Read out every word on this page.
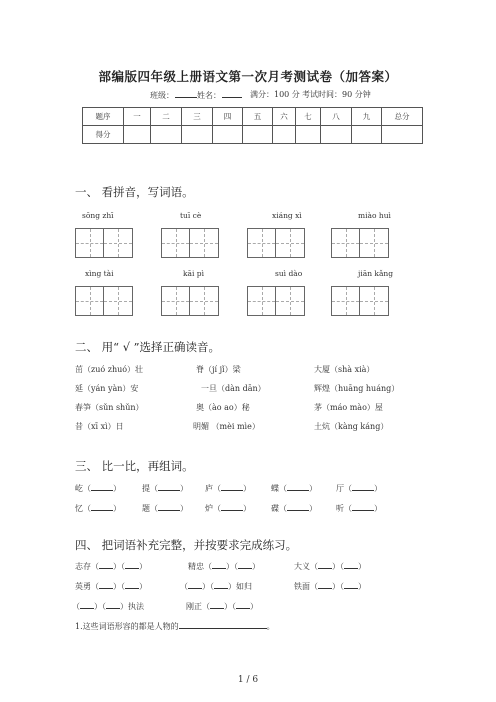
部编版四年级上册语文第一次月考测试卷（加答案）
班级：	姓名：	满分：100 分 考试时间：90 分钟
题序	一	二	三	四	五	六	七	八	九	总分
得分										
一、 看拼音，写词语。
sōng zhī	tuī cè	xiáng xì	miào huì
xìng tài	kāi pì	suì dào	jiān kǎng
二、 用“ √ ”选择正确读音。
茁（zuó zhuó）壮	脊（jí jǐ）梁	大厦（shà xià）
延（yán yàn）安	一旦（dàn dān）	辉煌（huāng huáng）
春笋（sǔn shǔn）	奥（ào ao）秘	茅（máo mào）屋
昔（xī xì）日	明媚 （mèi mìe）	土炕（kàng káng）
三、 比一比，再组词。
屹（	）	提（	） 庐（	）	蝶（	） 厅（	）
忆（	）	题（	） 炉（	）	碟（	） 听（	）
四、 把词语补充完整，并按要求完成练习。
志存（ ）（ ）	精忠（ ）（ ）	大义（ ）（ ）
英勇（ ）（ ）	（ ）（ ）如归	铁面（ ）（ ）
（ ）（ ）执法	刚正（ ）（ ）
1.这些词语形容的都是人物的	。
1 / 6
